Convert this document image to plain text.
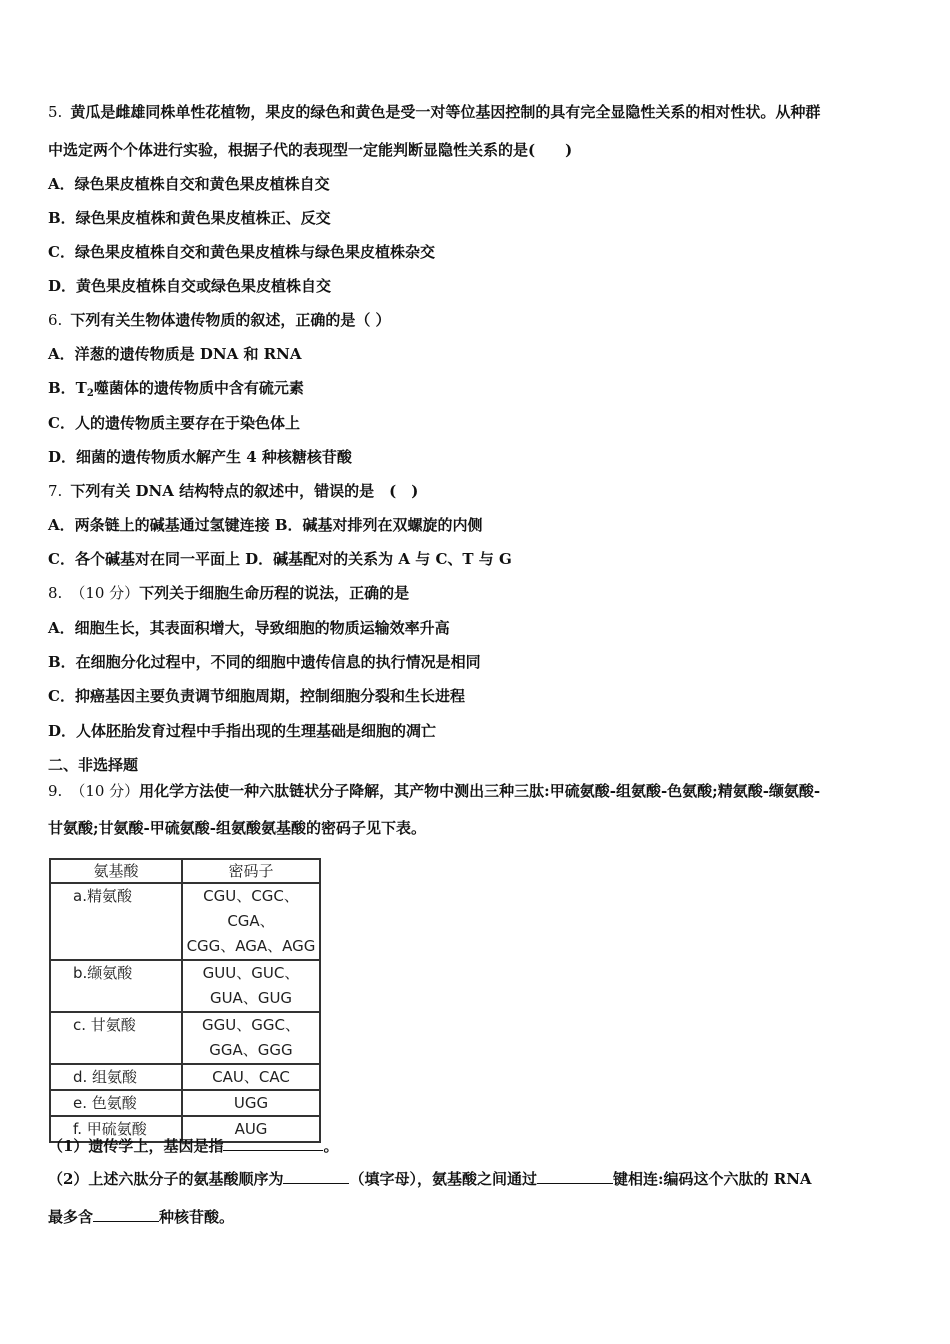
5. 黄瓜是雌雄同株单性花植物，果皮的绿色和黄色是受一对等位基因控制的具有完全显隐性关系的相对性状。从种群
中选定两个个体进行实验，根据子代的表现型一定能判断显隐性关系的是(　　)
A．绿色果皮植株自交和黄色果皮植株自交
B．绿色果皮植株和黄色果皮植株正、反交
C．绿色果皮植株自交和黄色果皮植株与绿色果皮植株杂交
D．黄色果皮植株自交或绿色果皮植株自交
6. 下列有关生物体遗传物质的叙述，正确的是（ ）
A．洋葱的遗传物质是 DNA 和 RNA
B．$T_2$噬菌体的遗传物质中含有硫元素
C．人的遗传物质主要存在于染色体上
D．细菌的遗传物质水解产生 4 种核糖核苷酸
7. 下列有关 DNA 结构特点的叙述中，错误的是　(　)
A．两条链上的碱基通过氢键连接 B．碱基对排列在双螺旋的内侧
C．各个碱基对在同一平面上 D．碱基配对的关系为 A 与 C、T 与 G
8. （10 分）下列关于细胞生命历程的说法，正确的是
A．细胞生长，其表面积增大，导致细胞的物质运输效率升高
B．在细胞分化过程中，不同的细胞中遗传信息的执行情况是相同
C．抑癌基因主要负责调节细胞周期，控制细胞分裂和生长进程
D．人体胚胎发育过程中手指出现的生理基础是细胞的凋亡
二、非选择题
9. （10 分）用化学方法使一种六肽链状分子降解，其产物中测出三种三肽:甲硫氨酸-组氨酸-色氨酸;精氨酸-缬氨酸-
甘氨酸;甘氨酸-甲硫氨酸-组氨酸氨基酸的密码子见下表。
氨基酸	密码子
a.精氨酸	CGU、CGC、CGA、
CGG、AGA、AGG

b.缬氨酸	GUU、GUC、
GUA、GUG

c. 甘氨酸	GGU、GGC、
GGA、GGG

d. 组氨酸	CAU、CAC
e. 色氨酸	UGG
f. 甲硫氨酸	AUG
（1）遗传学上，基因是指	。
（2）上述六肽分子的氨基酸顺序为	（填字母），氨基酸之间通过	键相连:编码这个六肽的 RNA
最多含	种核苷酸。
